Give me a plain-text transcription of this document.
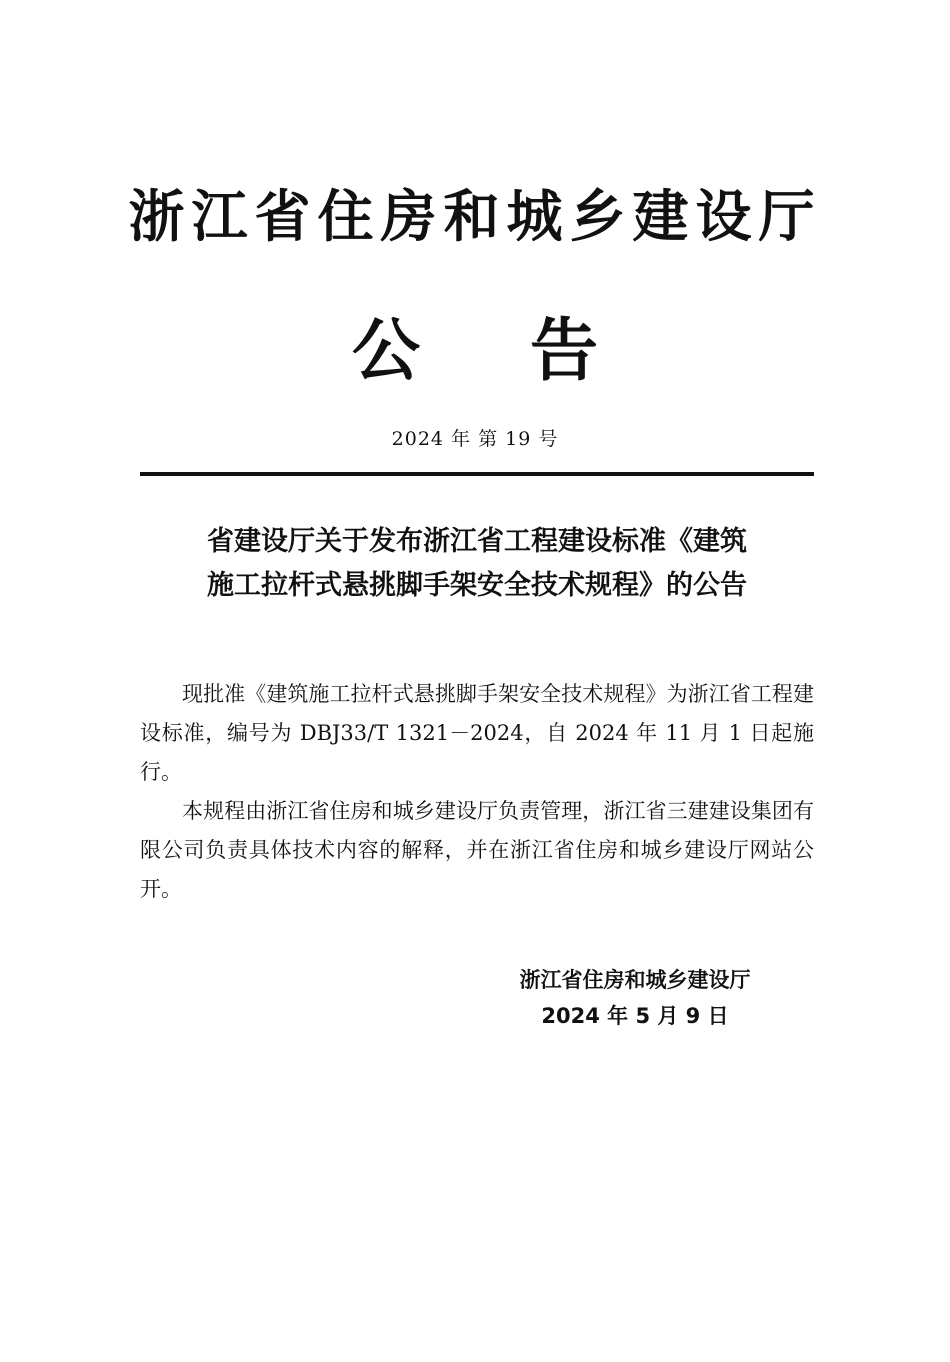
浙江省住房和城乡建设厅
公 告
2024 年 第 19 号
省建设厅关于发布浙江省工程建设标准《建筑
施工拉杆式悬挑脚手架安全技术规程》的公告

现批准《建筑施工拉杆式悬挑脚手架安全技术规程》为浙江省工程建设标准，编号为 DBJ33/T 1321－2024，自 2024 年 11 月 1 日起施行。

本规程由浙江省住房和城乡建设厅负责管理，浙江省三建建设集团有限公司负责具体技术内容的解释，并在浙江省住房和城乡建设厅网站公开。

浙江省住房和城乡建设厅
2024 年 5 月 9 日
